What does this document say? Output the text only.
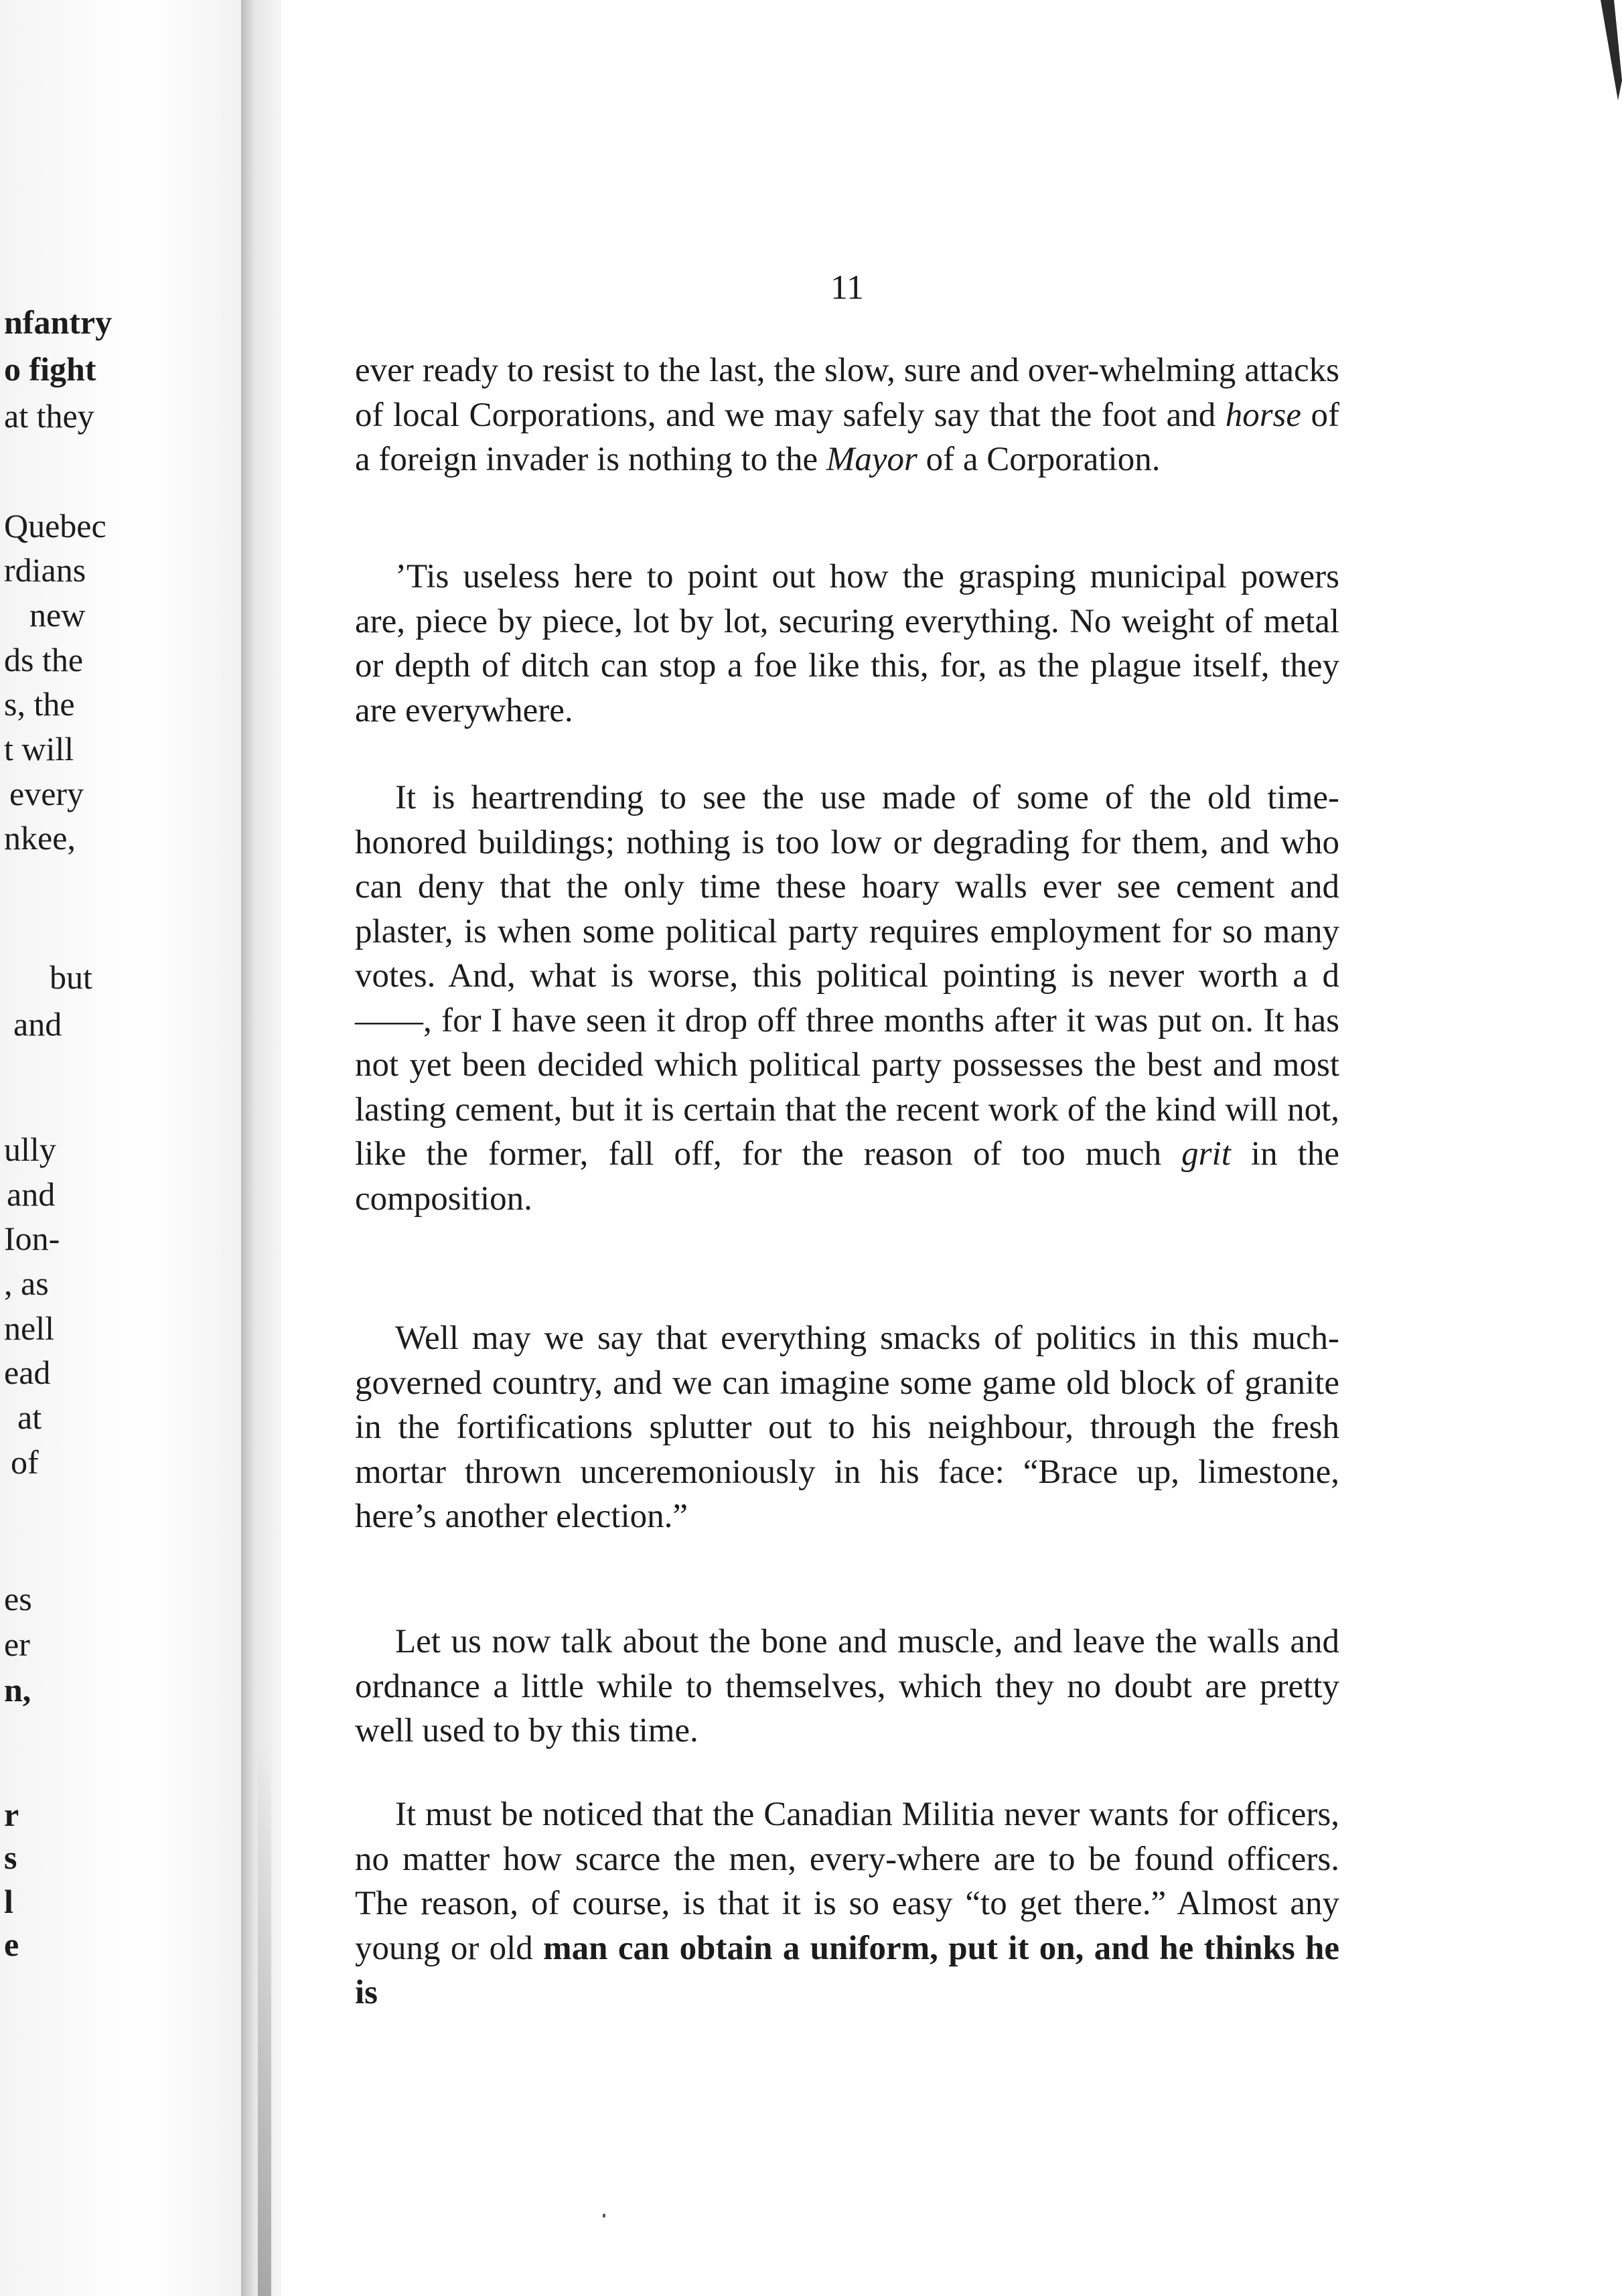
nfantry
o fight
at they
Quebec
rdians
new
ds the
s, the
t will
every
nkee,
but
and
ully
and
Ion-
, as
nell
ead
at
of
es
er
n,
r
s
l
e
11

ever ready to resist to the last, the slow, sure and over-whelming attacks of local Corporations, and we may safely say that the foot and horse of a foreign invader is nothing to the Mayor of a Corporation.

’Tis useless here to point out how the grasping municipal powers are, piece by piece, lot by lot, securing everything. No weight of metal or depth of ditch can stop a foe like this, for, as the plague itself, they are everywhere.

It is heartrending to see the use made of some of the old time-honored buildings; nothing is too low or degrading for them, and who can deny that the only time these hoary walls ever see cement and plaster, is when some political party requires employment for so many votes. And, what is worse, this political pointing is never worth a d——, for I have seen it drop off three months after it was put on. It has not yet been decided which political party possesses the best and most lasting cement, but it is certain that the recent work of the kind will not, like the former, fall off, for the reason of too much grit in the composition.

Well may we say that everything smacks of politics in this much-governed country, and we can imagine some game old block of granite in the fortifications splutter out to his neighbour, through the fresh mortar thrown unceremoniously in his face: “Brace up, limestone, here’s another election.”

Let us now talk about the bone and muscle, and leave the walls and ordnance a little while to themselves, which they no doubt are pretty well used to by this time.

It must be noticed that the Canadian Militia never wants for officers, no matter how scarce the men, every-where are to be found officers. The reason, of course, is that it is so easy “to get there.” Almost any young or old man can obtain a uniform, put it on, and he thinks he is
